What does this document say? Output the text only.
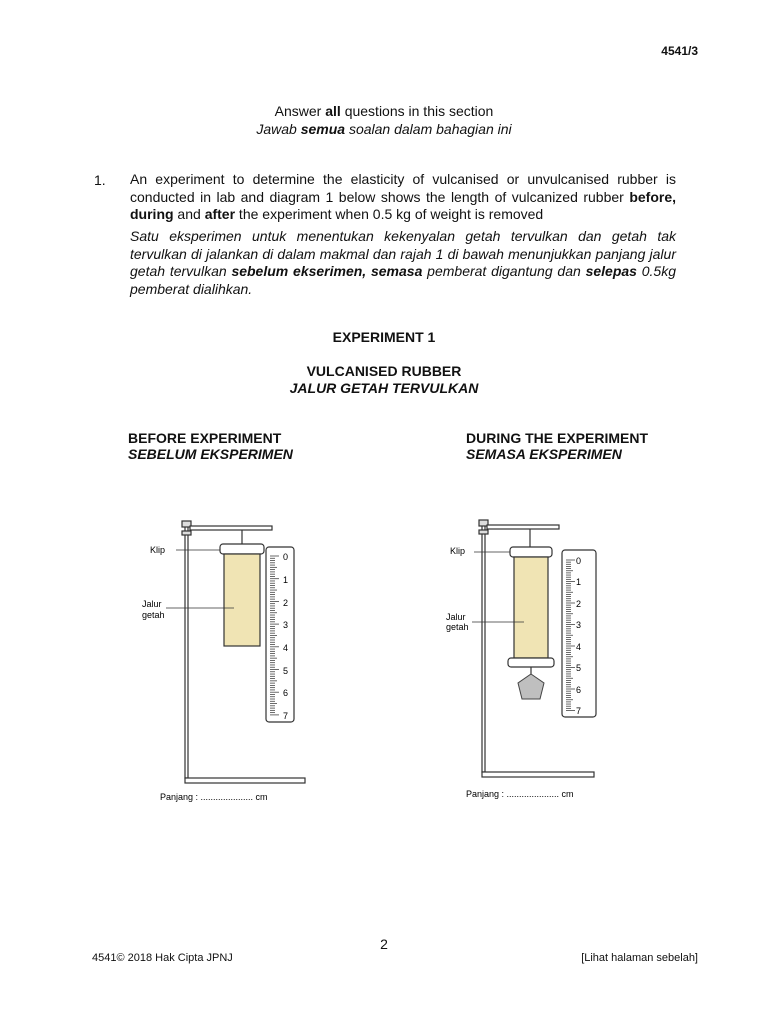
4541/3
Answer all questions in this section
Jawab semua soalan dalam bahagian ini
1. An experiment to determine the elasticity of vulcanised or unvulcanised rubber is conducted in lab and diagram 1 below shows the length of vulcanized rubber before, during and after the experiment when 0.5 kg of weight is removed
Satu eksperimen untuk menentukan kekenyalan getah tervulkan dan getah tak tervulkan di jalankan di dalam makmal dan rajah 1 di bawah menunjukkan panjang jalur getah tervulkan sebelum ekserimen, semasa pemberat digantung dan selepas 0.5kg pemberat dialihkan.
EXPERIMENT 1
VULCANISED RUBBER
JALUR GETAH TERVULKAN
BEFORE EXPERIMENT
SEBELUM EKSPERIMEN
DURING THE EXPERIMENT
SEMASA EKSPERIMEN
Klip
Jalur
getah
0
1
2
3
4
5
6
7
Panjang : ..................... cm
Klip
Jalur
getah
0
1
2
3
4
5
6
7
Panjang : ..................... cm
2
4541© 2018 Hak Cipta JPNJ	[Lihat halaman sebelah]
